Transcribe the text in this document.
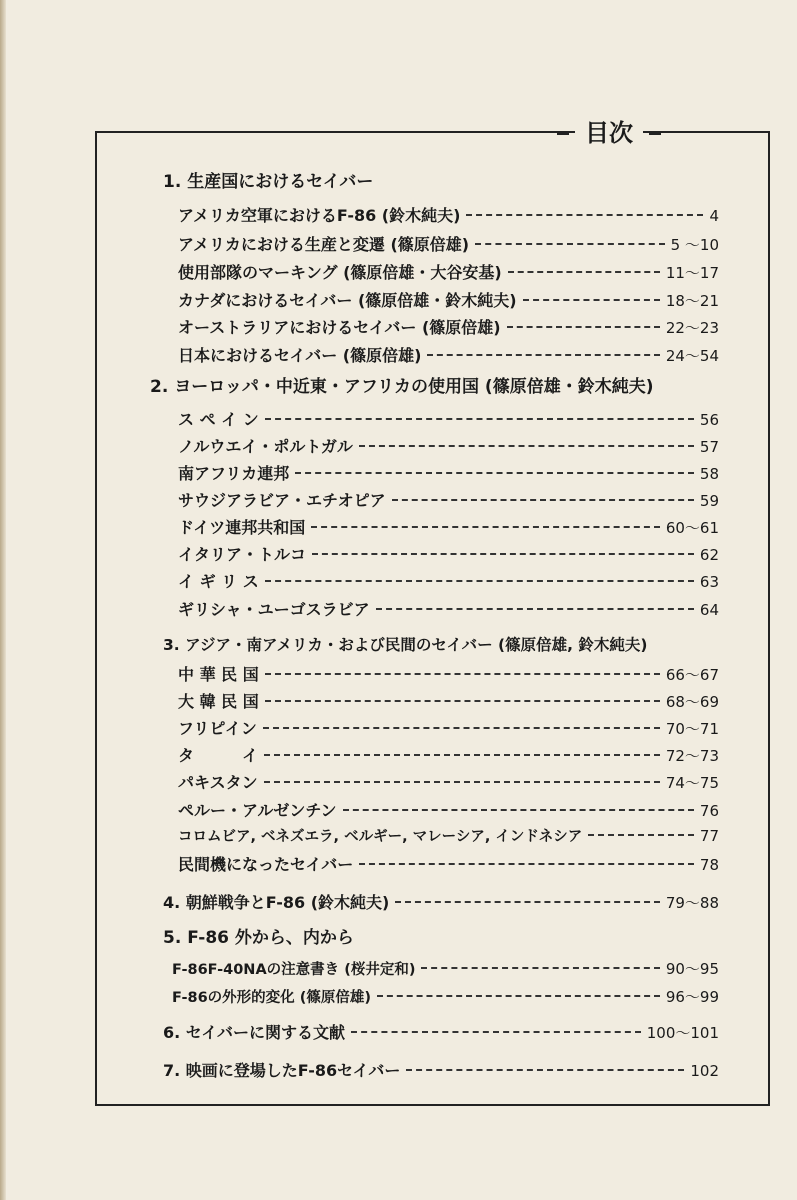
目次
1. 生産国におけるセイバー
アメリカ空軍におけるF-86 (鈴木純夫)	4
アメリカにおける生産と変遷 (篠原倍雄)	5 〜10
使用部隊のマーキング (篠原倍雄・大谷安基)	11〜17
カナダにおけるセイバー (篠原倍雄・鈴木純夫)	18〜21
オーストラリアにおけるセイバー (篠原倍雄)	22〜23
日本におけるセイバー (篠原倍雄)	24〜54
2. ヨーロッパ・中近東・アフリカの使用国 (篠原倍雄・鈴木純夫)
ス ペ イ ン	56
ノルウエイ・ポルトガル	57
南アフリカ連邦	58
サウジアラビア・エチオピア	59
ドイツ連邦共和国	60〜61
イタリア・トルコ	62
イ ギ リ ス	63
ギリシャ・ユーゴスラビア	64
3. アジア・南アメリカ・および民間のセイバー (篠原倍雄, 鈴木純夫)
中 華 民 国	66〜67
大 韓 民 国	68〜69
フリピイン	70〜71
タ　　　イ	72〜73
パキスタン	74〜75
ペルー・アルゼンチン	76
コロムビア, ベネズエラ, ベルギー, マレーシア, インドネシア	77
民間機になったセイバー	78
4. 朝鮮戦争とF-86 (鈴木純夫)	79〜88
5. F-86 外から、内から
F-86F-40NAの注意書き (桜井定和)	90〜95
F-86の外形的変化 (篠原倍雄)	96〜99
6. セイバーに関する文献	100〜101
7. 映画に登場したF-86セイバー	102
